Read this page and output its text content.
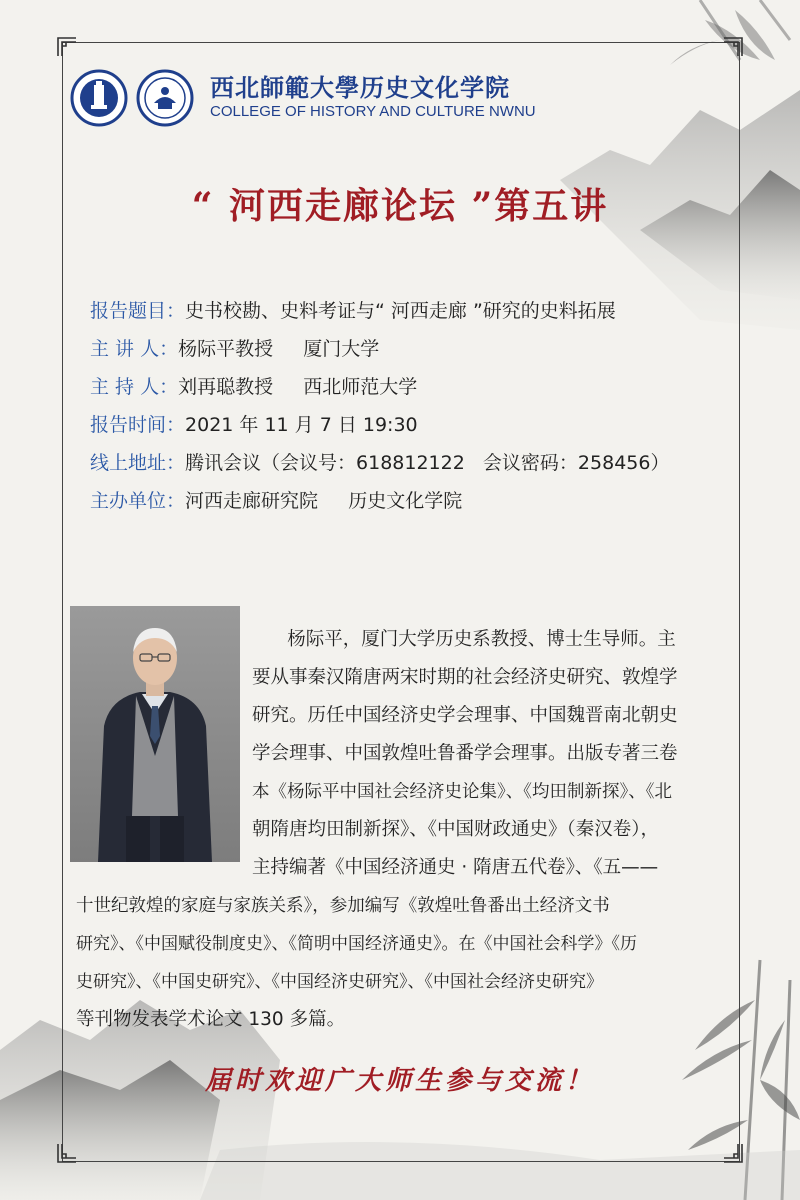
西北師範大學历史文化学院
COLLEGE OF HISTORY AND CULTURE NWNU
“ 河西走廊论坛 ”第五讲
报告题目： 史书校勘、史料考证与“ 河西走廊 ”研究的史料拓展
主 讲 人： 杨际平教授     厦门大学
主 持 人： 刘再聪教授     西北师范大学
报告时间： 2021 年 11 月 7 日 19:30
线上地址： 腾讯会议（会议号：618812122   会议密码：258456）
主办单位： 河西走廊研究院     历史文化学院
杨际平，厦门大学历史系教授、博士生导师。主
要从事秦汉隋唐两宋时期的社会经济史研究、敦煌学
研究。历任中国经济史学会理事、中国魏晋南北朝史
学会理事、中国敦煌吐鲁番学会理事。出版专著三卷
本《杨际平中国社会经济史论集》、《均田制新探》、《北
朝隋唐均田制新探》、《中国财政通史》（秦汉卷），
主持编著《中国经济通史 · 隋唐五代卷》、《五——
十世纪敦煌的家庭与家族关系》，参加编写《敦煌吐鲁番出土经济文书
研究》、《中国赋役制度史》、《简明中国经济通史》。在《中国社会科学》《历
史研究》、《中国史研究》、《中国经济史研究》、《中国社会经济史研究》
等刊物发表学术论文 130 多篇。
届时欢迎广大师生参与交流！
